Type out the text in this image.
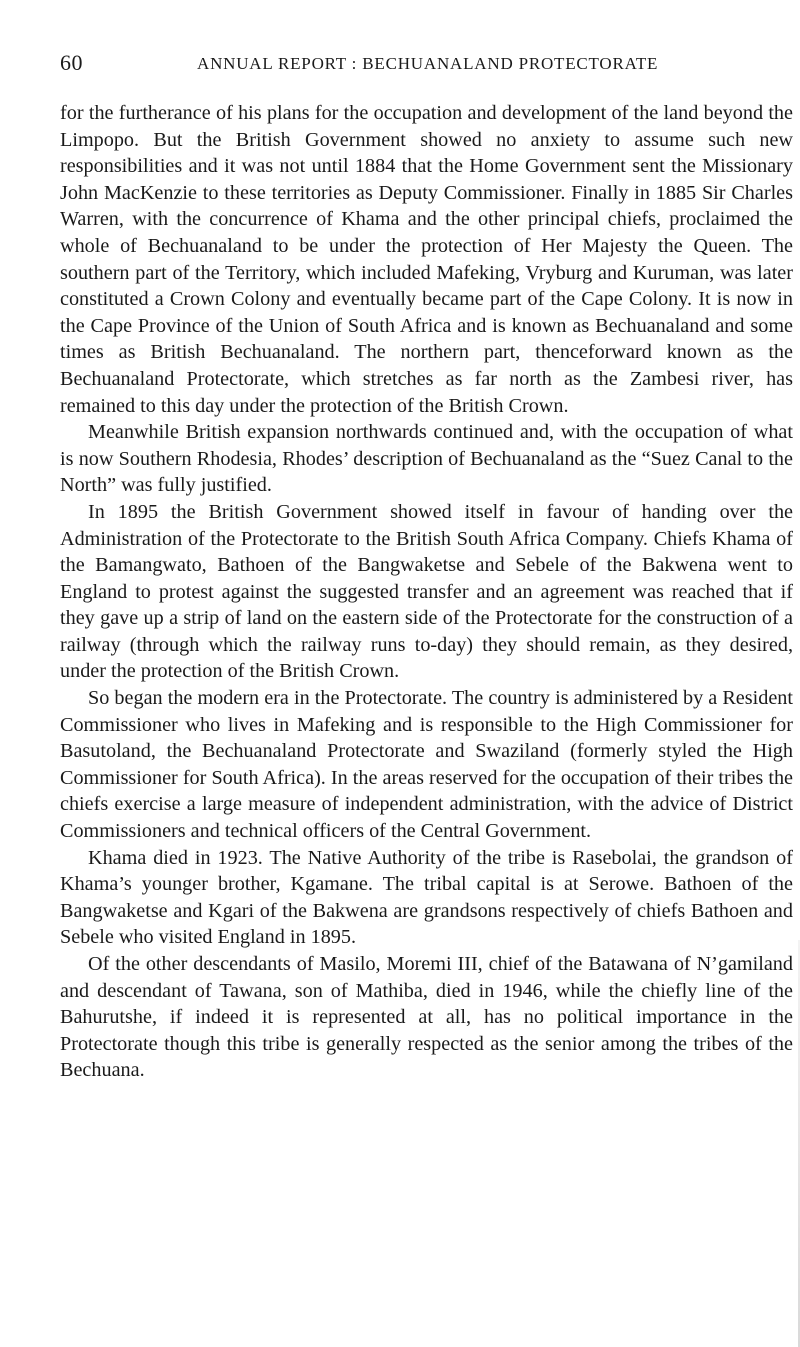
60	ANNUAL REPORT : BECHUANALAND PROTECTORATE

for the furtherance of his plans for the occupation and development of the land beyond the Limpopo. But the British Government showed no anxiety to assume such new responsibilities and it was not until 1884 that the Home Government sent the Missionary John MacKenzie to these territories as Deputy Commissioner. Finally in 1885 Sir Charles Warren, with the concurrence of Khama and the other principal chiefs, proclaimed the whole of Bechuanaland to be under the protection of Her Majesty the Queen. The southern part of the Territory, which included Mafeking, Vryburg and Kuruman, was later constituted a Crown Colony and eventually became part of the Cape Colony. It is now in the Cape Province of the Union of South Africa and is known as Bechuanaland and some times as British Bechuanaland. The northern part, thenceforward known as the Bechuanaland Protectorate, which stretches as far north as the Zambesi river, has remained to this day under the protection of the British Crown.

Meanwhile British expansion northwards continued and, with the occupation of what is now Southern Rhodesia, Rhodes’ description of Bechuanaland as the “Suez Canal to the North” was fully justified.

In 1895 the British Government showed itself in favour of handing over the Administration of the Protectorate to the British South Africa Company. Chiefs Khama of the Bamangwato, Bathoen of the Bangwaketse and Sebele of the Bakwena went to England to protest against the suggested transfer and an agreement was reached that if they gave up a strip of land on the eastern side of the Protectorate for the construction of a railway (through which the railway runs to-day) they should remain, as they desired, under the protection of the British Crown.

So began the modern era in the Protectorate. The country is administered by a Resident Commissioner who lives in Mafeking and is responsible to the High Commissioner for Basutoland, the Bechuanaland Protectorate and Swaziland (formerly styled the High Commissioner for South Africa). In the areas reserved for the occupation of their tribes the chiefs exercise a large measure of independent administration, with the advice of District Commissioners and technical officers of the Central Government.

Khama died in 1923. The Native Authority of the tribe is Rasebolai, the grandson of Khama’s younger brother, Kgamane. The tribal capital is at Serowe. Bathoen of the Bangwaketse and Kgari of the Bakwena are grandsons respectively of chiefs Bathoen and Sebele who visited England in 1895.

Of the other descendants of Masilo, Moremi III, chief of the Batawana of N’gamiland and descendant of Tawana, son of Mathiba, died in 1946, while the chiefly line of the Bahurutshe, if indeed it is represented at all, has no political importance in the Protectorate though this tribe is generally respected as the senior among the tribes of the Bechuana.
